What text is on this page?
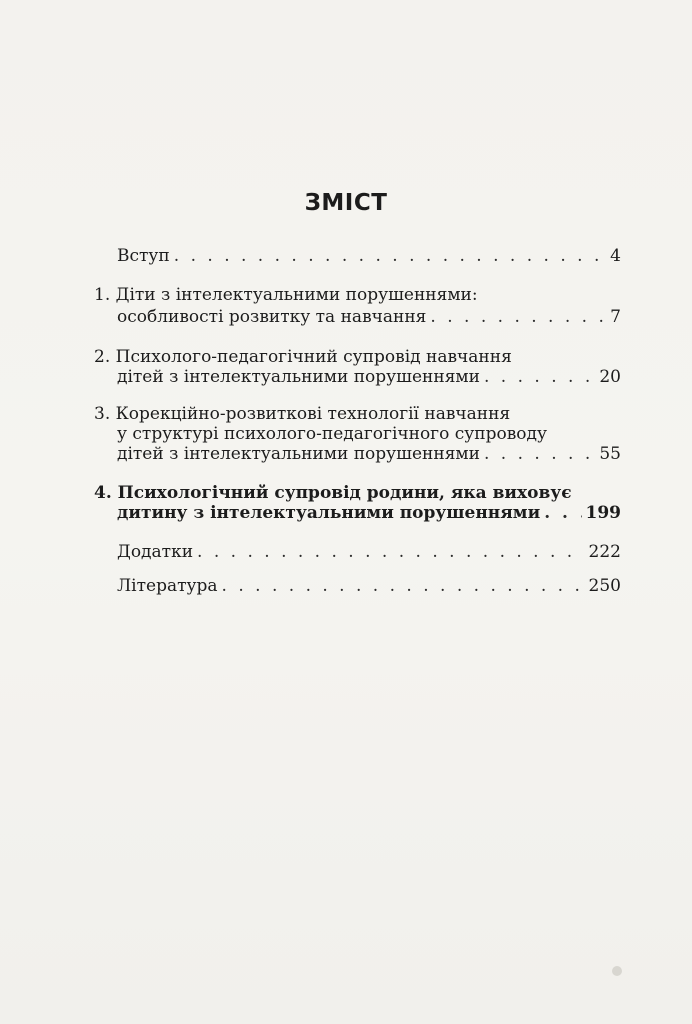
ЗМІСТ
Вступ . . .	4
1. Діти з інтелектуальними порушеннями:
особливості розвитку та навчання . . .	7
2. Психолого-педагогічний супровід навчання
дітей з інтелектуальними порушеннями . . .	20
3. Корекційно-розвиткові технології навчання
у структурі психолого-педагогічного супроводу
дітей з інтелектуальними порушеннями . . .	55
4. Психологічний супровід родини, яка виховує
дитину з інтелектуальними порушеннями . . .	199
Додатки . . .	222
Література . . .	250
